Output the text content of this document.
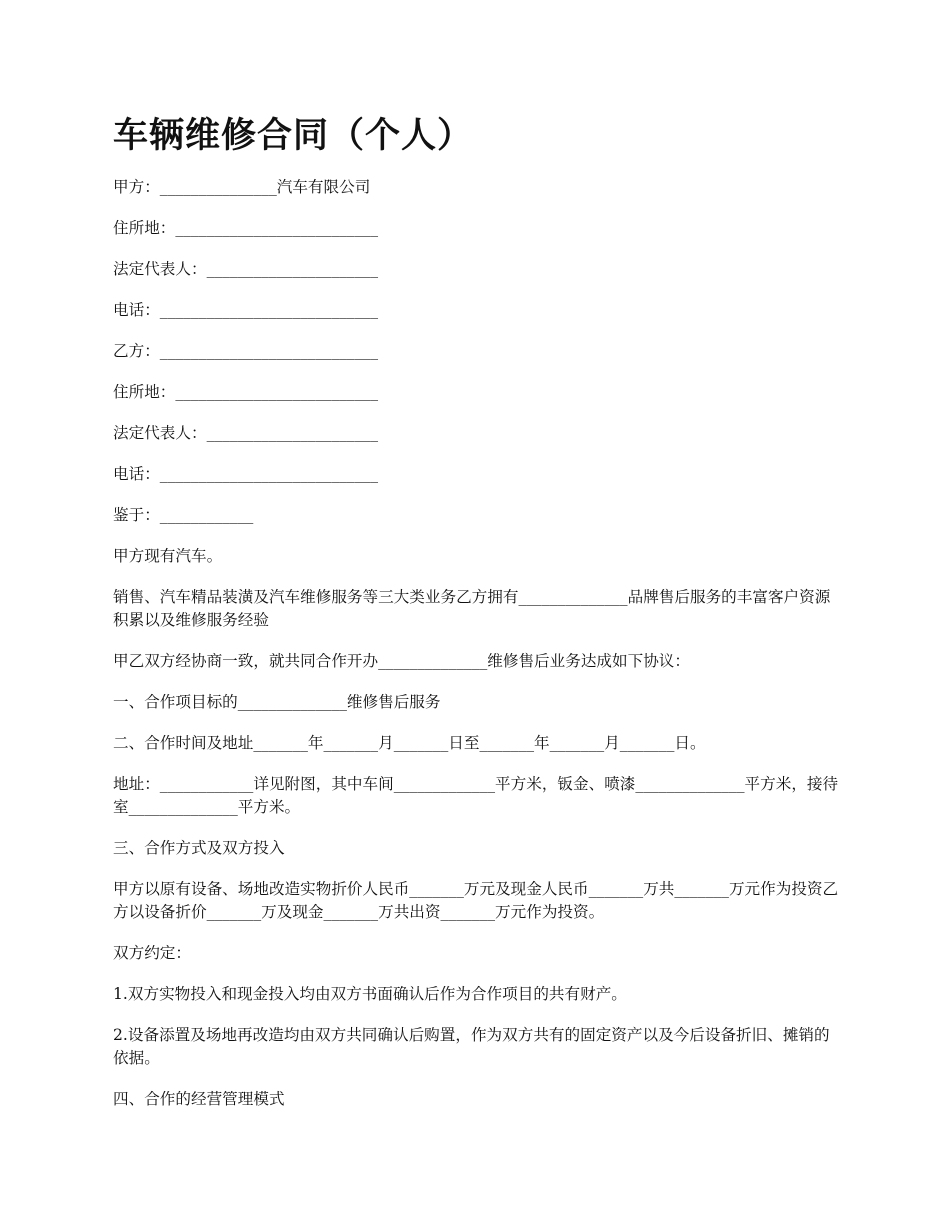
车辆维修合同（个人）
甲方：_______________汽车有限公司
住所地：__________________________
法定代表人：______________________
电话：____________________________
乙方：____________________________
住所地：__________________________
法定代表人：______________________
电话：____________________________
鉴于：____________
甲方现有汽车。
销售、汽车精品装潢及汽车维修服务等三大类业务乙方拥有______________品牌售后服务的丰富客户资源积累以及维修服务经验
甲乙双方经协商一致，就共同合作开办______________维修售后业务达成如下协议：
一、合作项目标的______________维修售后服务
二、合作时间及地址_______年_______月_______日至_______年_______月_______日。
地址：____________详见附图，其中车间_____________平方米，钣金、喷漆______________平方米，接待室______________平方米。
三、合作方式及双方投入
甲方以原有设备、场地改造实物折价人民币_______万元及现金人民币_______万共_______万元作为投资乙方以设备折价_______万及现金_______万共出资_______万元作为投资。
双方约定：
1.双方实物投入和现金投入均由双方书面确认后作为合作项目的共有财产。
2.设备添置及场地再改造均由双方共同确认后购置，作为双方共有的固定资产以及今后设备折旧、摊销的依据。
四、合作的经营管理模式
